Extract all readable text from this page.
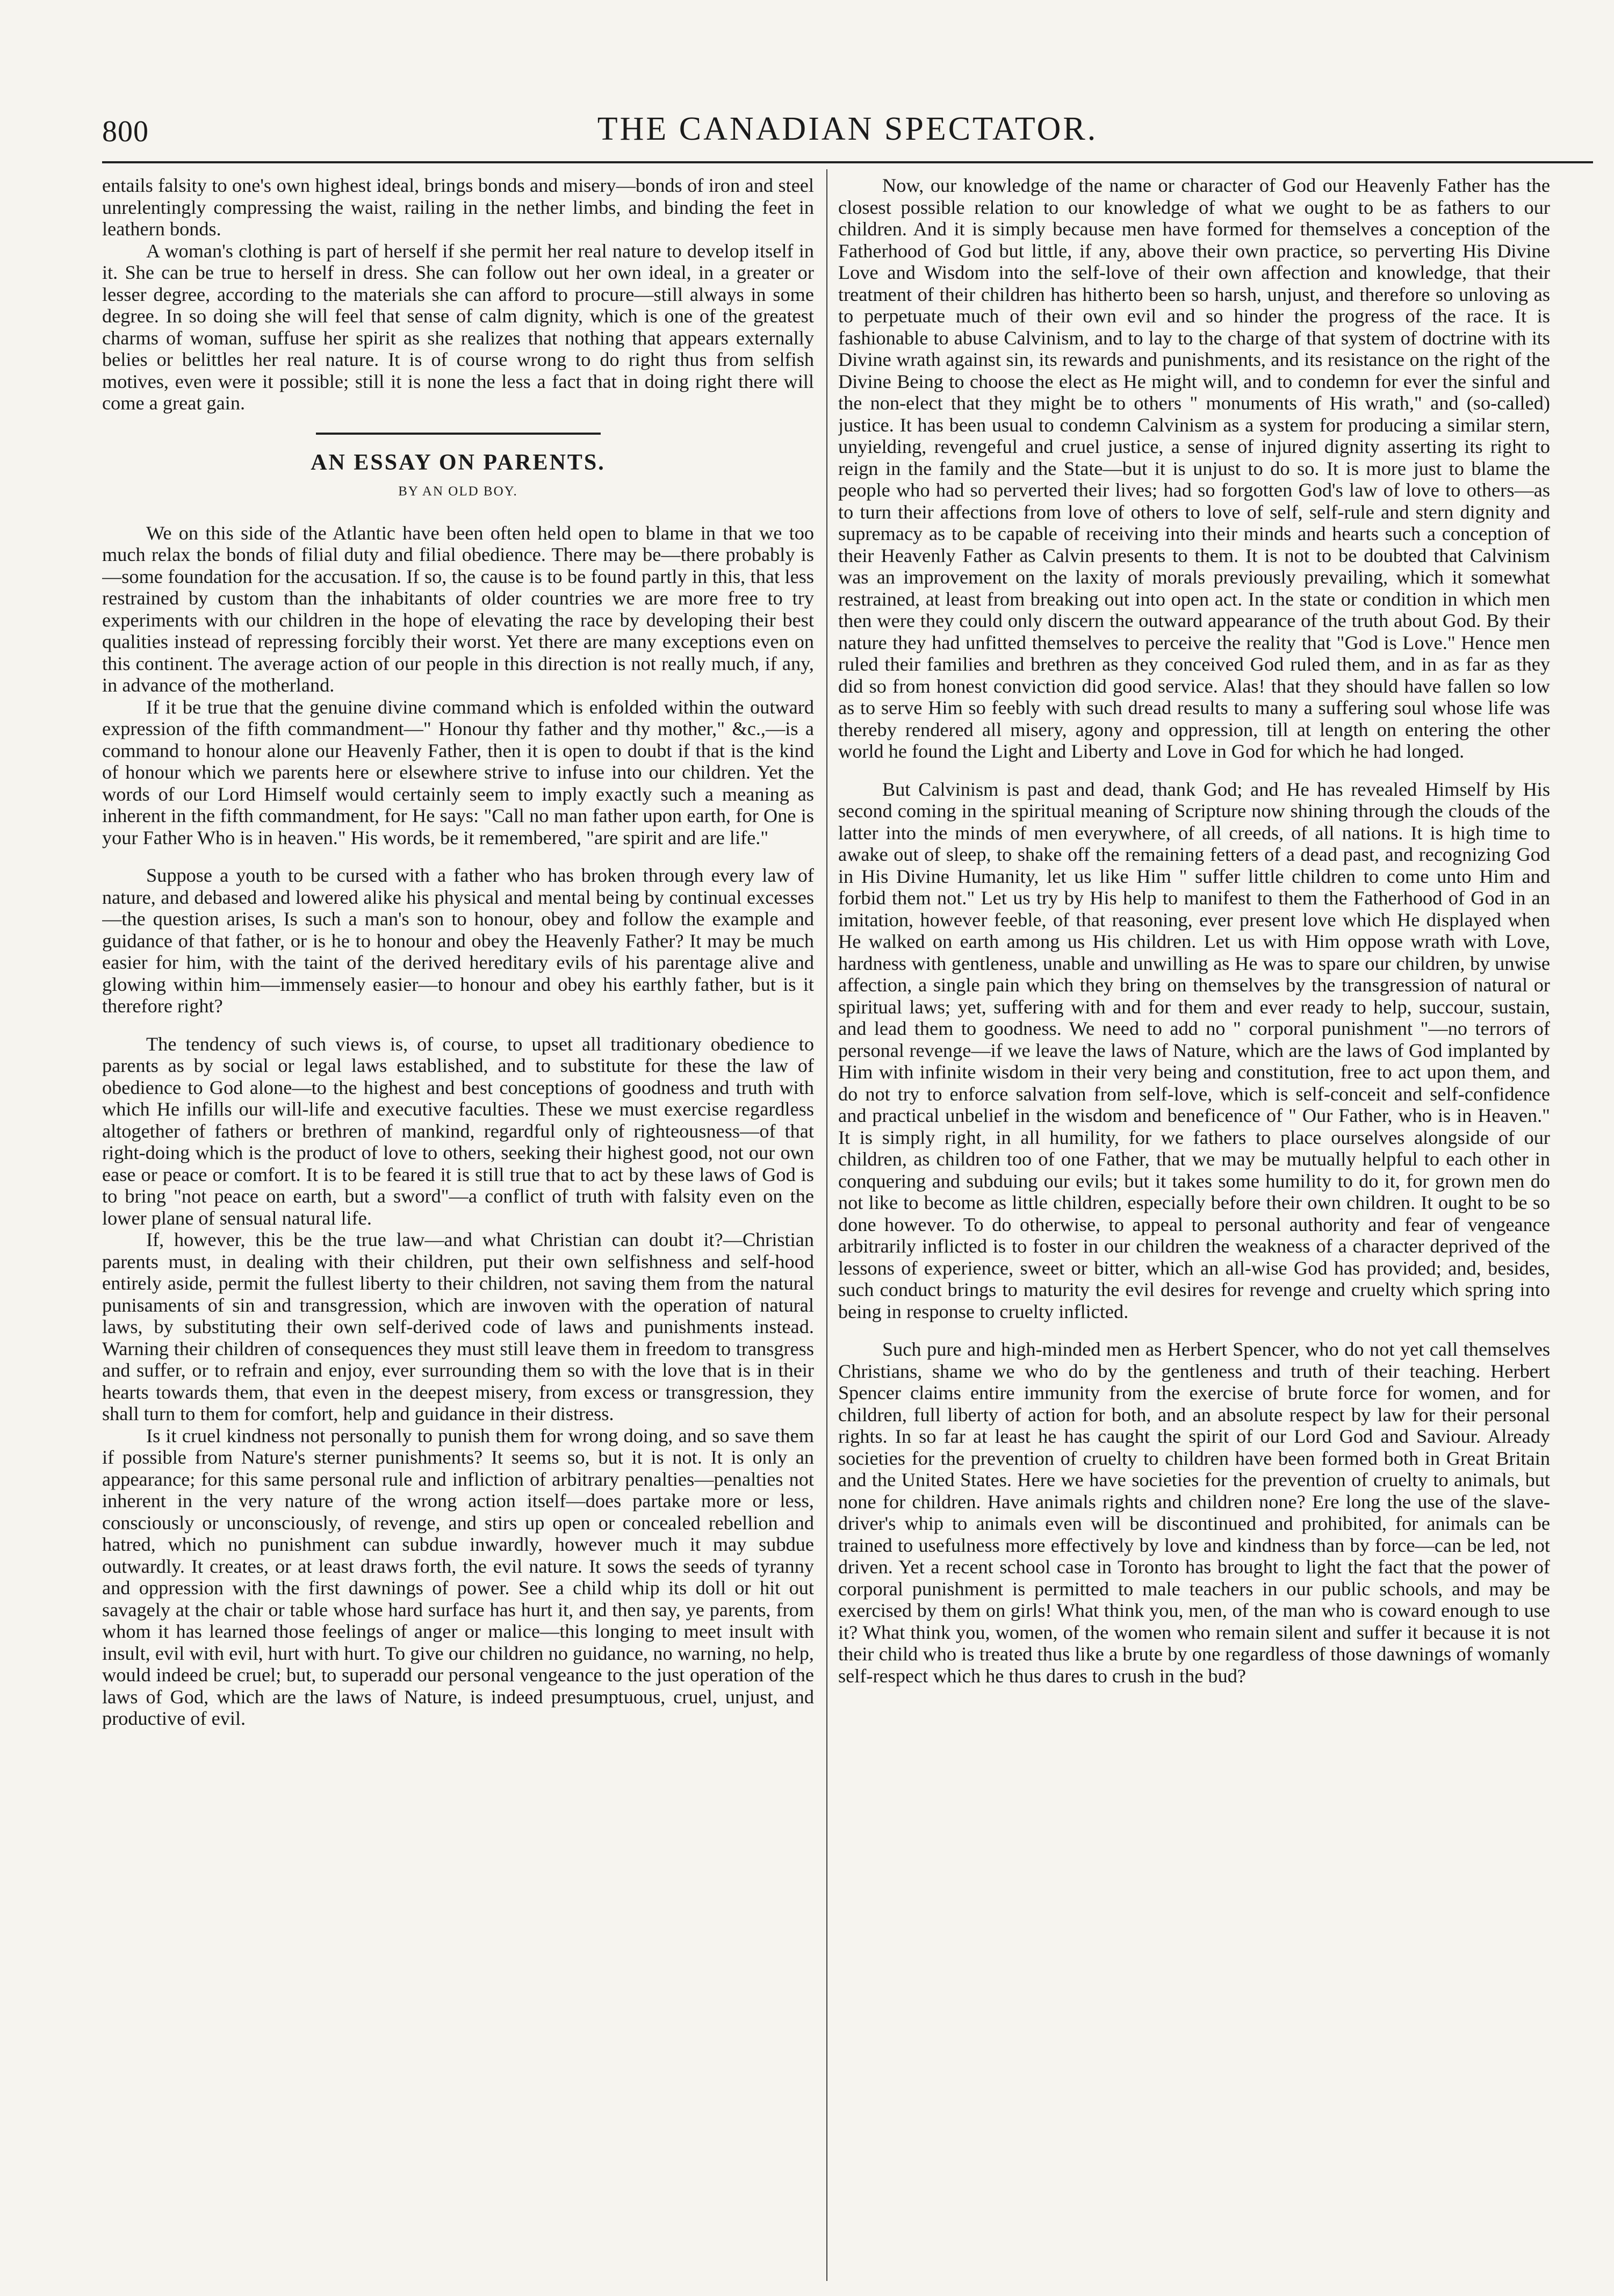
800	THE CANADIAN SPECTATOR.

entails falsity to one's own highest ideal, brings bonds and misery—bonds of iron and steel unrelentingly compressing the waist, railing in the nether limbs, and binding the feet in leathern bonds.

A woman's clothing is part of herself if she permit her real nature to develop itself in it. She can be true to herself in dress. She can follow out her own ideal, in a greater or lesser degree, according to the materials she can afford to procure—still always in some degree. In so doing she will feel that sense of calm dignity, which is one of the greatest charms of woman, suffuse her spirit as she realizes that nothing that appears externally belies or belittles her real nature. It is of course wrong to do right thus from selfish motives, even were it possible; still it is none the less a fact that in doing right there will come a great gain.

AN ESSAY ON PARENTS.
BY AN OLD BOY.

We on this side of the Atlantic have been often held open to blame in that we too much relax the bonds of filial duty and filial obedience. There may be—there probably is—some foundation for the accusation. If so, the cause is to be found partly in this, that less restrained by custom than the inhabitants of older countries we are more free to try experiments with our children in the hope of elevating the race by developing their best qualities instead of repressing forcibly their worst. Yet there are many exceptions even on this continent. The average action of our people in this direction is not really much, if any, in advance of the motherland.

If it be true that the genuine divine command which is enfolded within the outward expression of the fifth commandment—" Honour thy father and thy mother," &c.,—is a command to honour alone our Heavenly Father, then it is open to doubt if that is the kind of honour which we parents here or elsewhere strive to infuse into our children. Yet the words of our Lord Himself would certainly seem to imply exactly such a meaning as inherent in the fifth commandment, for He says: "Call no man father upon earth, for One is your Father Who is in heaven." His words, be it remembered, "are spirit and are life."

Suppose a youth to be cursed with a father who has broken through every law of nature, and debased and lowered alike his physical and mental being by continual excesses—the question arises, Is such a man's son to honour, obey and follow the example and guidance of that father, or is he to honour and obey the Heavenly Father? It may be much easier for him, with the taint of the derived hereditary evils of his parentage alive and glowing within him—immensely easier—to honour and obey his earthly father, but is it therefore right?

The tendency of such views is, of course, to upset all traditionary obedience to parents as by social or legal laws established, and to substitute for these the law of obedience to God alone—to the highest and best conceptions of goodness and truth with which He infills our will-life and executive faculties. These we must exercise regardless altogether of fathers or brethren of mankind, regardful only of righteousness—of that right-doing which is the product of love to others, seeking their highest good, not our own ease or peace or comfort. It is to be feared it is still true that to act by these laws of God is to bring "not peace on earth, but a sword"—a conflict of truth with falsity even on the lower plane of sensual natural life.

If, however, this be the true law—and what Christian can doubt it?—Christian parents must, in dealing with their children, put their own selfishness and self-hood entirely aside, permit the fullest liberty to their children, not saving them from the natural punisaments of sin and transgression, which are inwoven with the operation of natural laws, by substituting their own self-derived code of laws and punishments instead. Warning their children of consequences they must still leave them in freedom to transgress and suffer, or to refrain and enjoy, ever surrounding them so with the love that is in their hearts towards them, that even in the deepest misery, from excess or transgression, they shall turn to them for comfort, help and guidance in their distress.

Is it cruel kindness not personally to punish them for wrong doing, and so save them if possible from Nature's sterner punishments? It seems so, but it is not. It is only an appearance; for this same personal rule and infliction of arbitrary penalties—penalties not inherent in the very nature of the wrong action itself—does partake more or less, consciously or unconsciously, of revenge, and stirs up open or concealed rebellion and hatred, which no punishment can subdue inwardly, however much it may subdue outwardly. It creates, or at least draws forth, the evil nature. It sows the seeds of tyranny and oppression with the first dawnings of power. See a child whip its doll or hit out savagely at the chair or table whose hard surface has hurt it, and then say, ye parents, from whom it has learned those feelings of anger or malice—this longing to meet insult with insult, evil with evil, hurt with hurt. To give our children no guidance, no warning, no help, would indeed be cruel; but, to superadd our personal vengeance to the just operation of the laws of God, which are the laws of Nature, is indeed presumptuous, cruel, unjust, and productive of evil.

Now, our knowledge of the name or character of God our Heavenly Father has the closest possible relation to our knowledge of what we ought to be as fathers to our children. And it is simply because men have formed for themselves a conception of the Fatherhood of God but little, if any, above their own practice, so perverting His Divine Love and Wisdom into the self-love of their own affection and knowledge, that their treatment of their children has hitherto been so harsh, unjust, and therefore so unloving as to perpetuate much of their own evil and so hinder the progress of the race. It is fashionable to abuse Calvinism, and to lay to the charge of that system of doctrine with its Divine wrath against sin, its rewards and punishments, and its resistance on the right of the Divine Being to choose the elect as He might will, and to condemn for ever the sinful and the non-elect that they might be to others " monuments of His wrath," and (so-called) justice. It has been usual to condemn Calvinism as a system for producing a similar stern, unyielding, revengeful and cruel justice, a sense of injured dignity asserting its right to reign in the family and the State—but it is unjust to do so. It is more just to blame the people who had so perverted their lives; had so forgotten God's law of love to others—as to turn their affections from love of others to love of self, self-rule and stern dignity and supremacy as to be capable of receiving into their minds and hearts such a conception of their Heavenly Father as Calvin presents to them. It is not to be doubted that Calvinism was an improvement on the laxity of morals previously prevailing, which it somewhat restrained, at least from breaking out into open act. In the state or condition in which men then were they could only discern the outward appearance of the truth about God. By their nature they had unfitted themselves to perceive the reality that "God is Love." Hence men ruled their families and brethren as they conceived God ruled them, and in as far as they did so from honest conviction did good service. Alas! that they should have fallen so low as to serve Him so feebly with such dread results to many a suffering soul whose life was thereby rendered all misery, agony and oppression, till at length on entering the other world he found the Light and Liberty and Love in God for which he had longed.

But Calvinism is past and dead, thank God; and He has revealed Himself by His second coming in the spiritual meaning of Scripture now shining through the clouds of the latter into the minds of men everywhere, of all creeds, of all nations. It is high time to awake out of sleep, to shake off the remaining fetters of a dead past, and recognizing God in His Divine Humanity, let us like Him " suffer little children to come unto Him and forbid them not." Let us try by His help to manifest to them the Fatherhood of God in an imitation, however feeble, of that reasoning, ever present love which He displayed when He walked on earth among us His children. Let us with Him oppose wrath with Love, hardness with gentleness, unable and unwilling as He was to spare our children, by unwise affection, a single pain which they bring on themselves by the transgression of natural or spiritual laws; yet, suffering with and for them and ever ready to help, succour, sustain, and lead them to goodness. We need to add no " corporal punishment "—no terrors of personal revenge—if we leave the laws of Nature, which are the laws of God implanted by Him with infinite wisdom in their very being and constitution, free to act upon them, and do not try to enforce salvation from self-love, which is self-conceit and self-confidence and practical unbelief in the wisdom and beneficence of " Our Father, who is in Heaven." It is simply right, in all humility, for we fathers to place ourselves alongside of our children, as children too of one Father, that we may be mutually helpful to each other in conquering and subduing our evils; but it takes some humility to do it, for grown men do not like to become as little children, especially before their own children. It ought to be so done however. To do otherwise, to appeal to personal authority and fear of vengeance arbitrarily inflicted is to foster in our children the weakness of a character deprived of the lessons of experience, sweet or bitter, which an all-wise God has provided; and, besides, such conduct brings to maturity the evil desires for revenge and cruelty which spring into being in response to cruelty inflicted.

Such pure and high-minded men as Herbert Spencer, who do not yet call themselves Christians, shame we who do by the gentleness and truth of their teaching. Herbert Spencer claims entire immunity from the exercise of brute force for women, and for children, full liberty of action for both, and an absolute respect by law for their personal rights. In so far at least he has caught the spirit of our Lord God and Saviour. Already societies for the prevention of cruelty to children have been formed both in Great Britain and the United States. Here we have societies for the prevention of cruelty to animals, but none for children. Have animals rights and children none? Ere long the use of the slave-driver's whip to animals even will be discontinued and prohibited, for animals can be trained to usefulness more effectively by love and kindness than by force—can be led, not driven. Yet a recent school case in Toronto has brought to light the fact that the power of corporal punishment is permitted to male teachers in our public schools, and may be exercised by them on girls! What think you, men, of the man who is coward enough to use it? What think you, women, of the women who remain silent and suffer it because it is not their child who is treated thus like a brute by one regardless of those dawnings of womanly self-respect which he thus dares to crush in the bud?
